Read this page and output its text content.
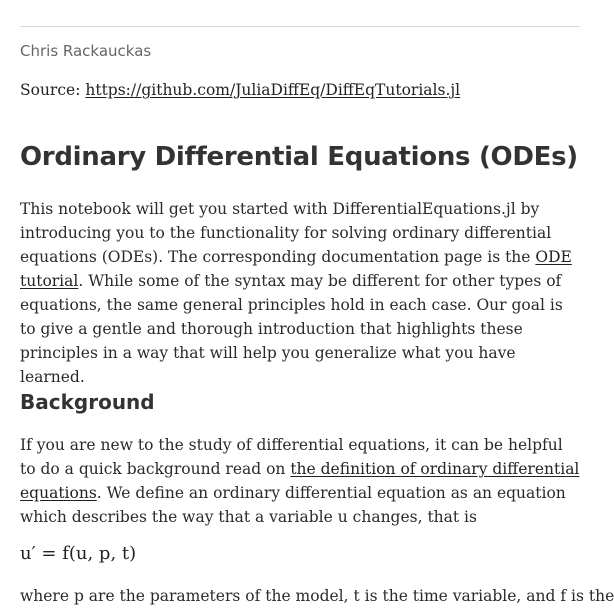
Chris Rackauckas

Source: https://github.com/JuliaDiffEq/DiffEqTutorials.jl

Ordinary Differential Equations (ODEs)

This notebook will get you started with DifferentialEquations.jl by introducing you to the functionality for solving ordinary differential equations (ODEs). The corresponding documentation page is the ODE tutorial. While some of the syntax may be different for other types of equations, the same general principles hold in each case. Our goal is to give a gentle and thorough introduction that highlights these principles in a way that will help you generalize what you have learned.

Background

If you are new to the study of differential equations, it can be helpful to do a quick background read on the definition of ordinary differential equations. We define an ordinary differential equation as an equation which describes the way that a variable u changes, that is

u′ = f(u, p, t)

where p are the parameters of the model, t is the time variable, and f is the
